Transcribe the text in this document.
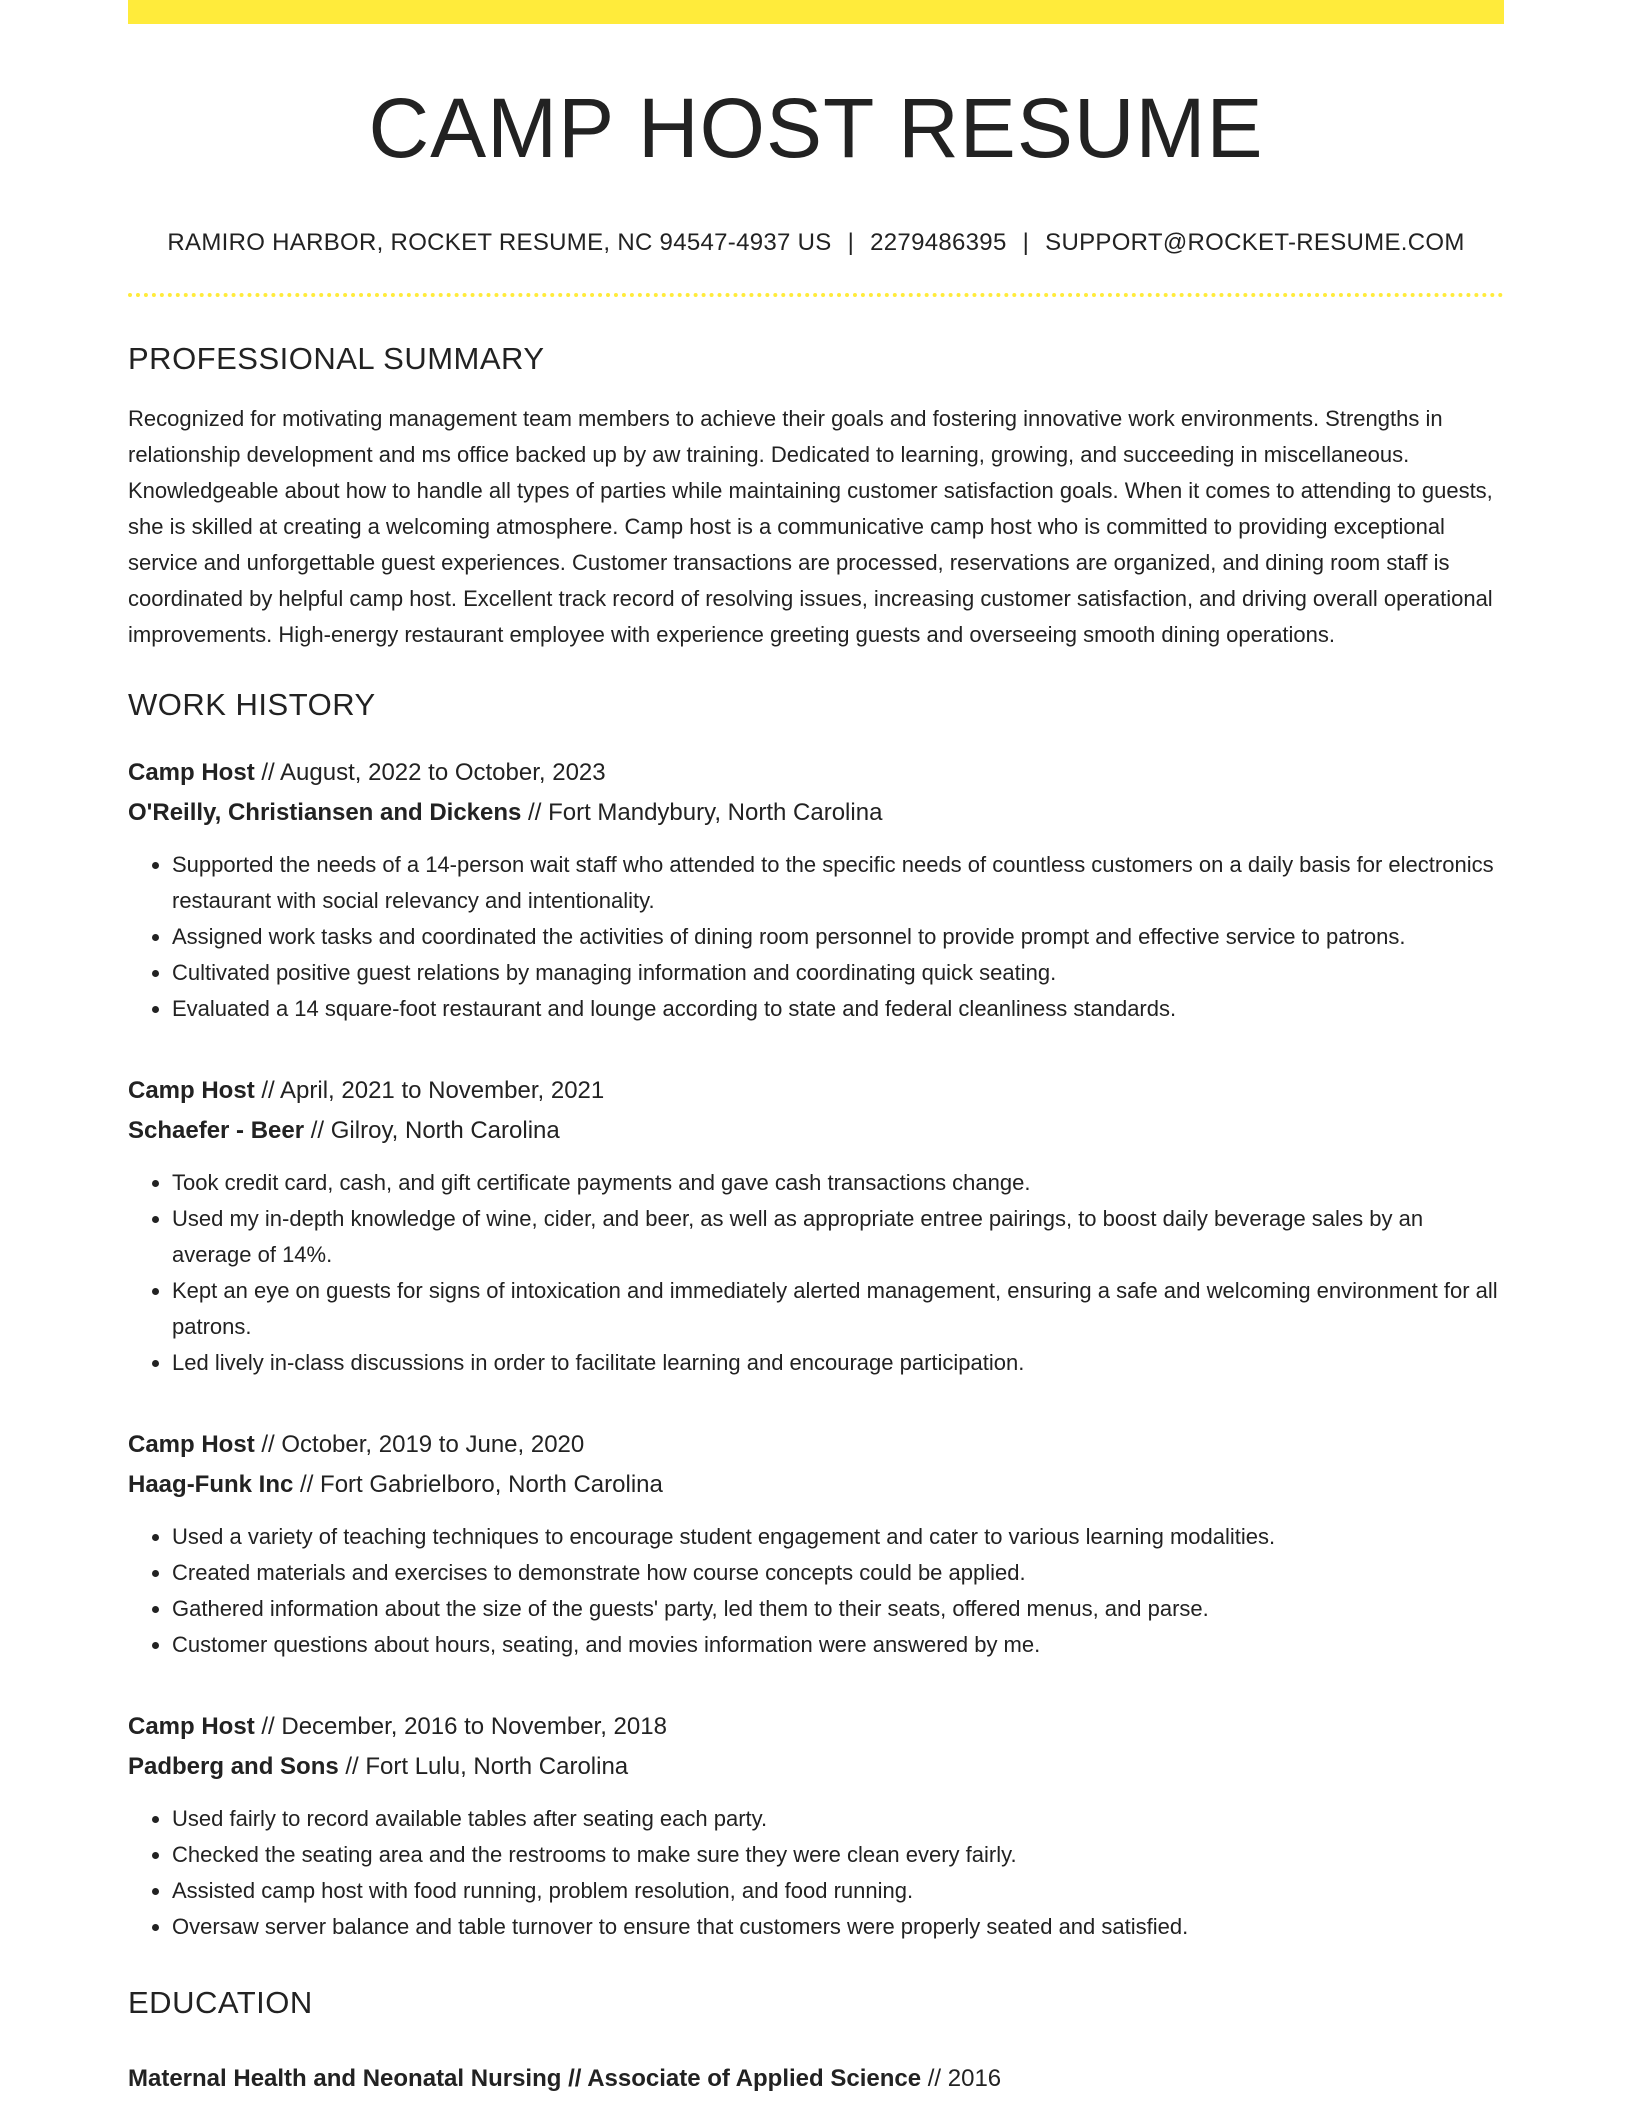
CAMP HOST RESUME
RAMIRO HARBOR, ROCKET RESUME, NC 94547-4937 US | 2279486395 | SUPPORT@ROCKET-RESUME.COM
PROFESSIONAL SUMMARY

Recognized for motivating management team members to achieve their goals and fostering innovative work environments. Strengths in relationship development and ms office backed up by aw training. Dedicated to learning, growing, and succeeding in miscellaneous. Knowledgeable about how to handle all types of parties while maintaining customer satisfaction goals. When it comes to attending to guests, she is skilled at creating a welcoming atmosphere. Camp host is a communicative camp host who is committed to providing exceptional service and unforgettable guest experiences. Customer transactions are processed, reservations are organized, and dining room staff is coordinated by helpful camp host. Excellent track record of resolving issues, increasing customer satisfaction, and driving overall operational improvements. High-energy restaurant employee with experience greeting guests and overseeing smooth dining operations.

WORK HISTORY
Camp Host // August, 2022 to October, 2023
O'Reilly, Christiansen and Dickens // Fort Mandybury, North Carolina
• Supported the needs of a 14-person wait staff who attended to the specific needs of countless customers on a daily basis for electronics restaurant with social relevancy and intentionality.
• Assigned work tasks and coordinated the activities of dining room personnel to provide prompt and effective service to patrons.
• Cultivated positive guest relations by managing information and coordinating quick seating.
• Evaluated a 14 square-foot restaurant and lounge according to state and federal cleanliness standards.
Camp Host // April, 2021 to November, 2021
Schaefer - Beer // Gilroy, North Carolina
• Took credit card, cash, and gift certificate payments and gave cash transactions change.
• Used my in-depth knowledge of wine, cider, and beer, as well as appropriate entree pairings, to boost daily beverage sales by an average of 14%.
• Kept an eye on guests for signs of intoxication and immediately alerted management, ensuring a safe and welcoming environment for all patrons.
• Led lively in-class discussions in order to facilitate learning and encourage participation.
Camp Host // October, 2019 to June, 2020
Haag-Funk Inc // Fort Gabrielboro, North Carolina
• Used a variety of teaching techniques to encourage student engagement and cater to various learning modalities.
• Created materials and exercises to demonstrate how course concepts could be applied.
• Gathered information about the size of the guests' party, led them to their seats, offered menus, and parse.
• Customer questions about hours, seating, and movies information were answered by me.
Camp Host // December, 2016 to November, 2018
Padberg and Sons // Fort Lulu, North Carolina
• Used fairly to record available tables after seating each party.
• Checked the seating area and the restrooms to make sure they were clean every fairly.
• Assisted camp host with food running, problem resolution, and food running.
• Oversaw server balance and table turnover to ensure that customers were properly seated and satisfied.
EDUCATION
Maternal Health and Neonatal Nursing // Associate of Applied Science // 2016
